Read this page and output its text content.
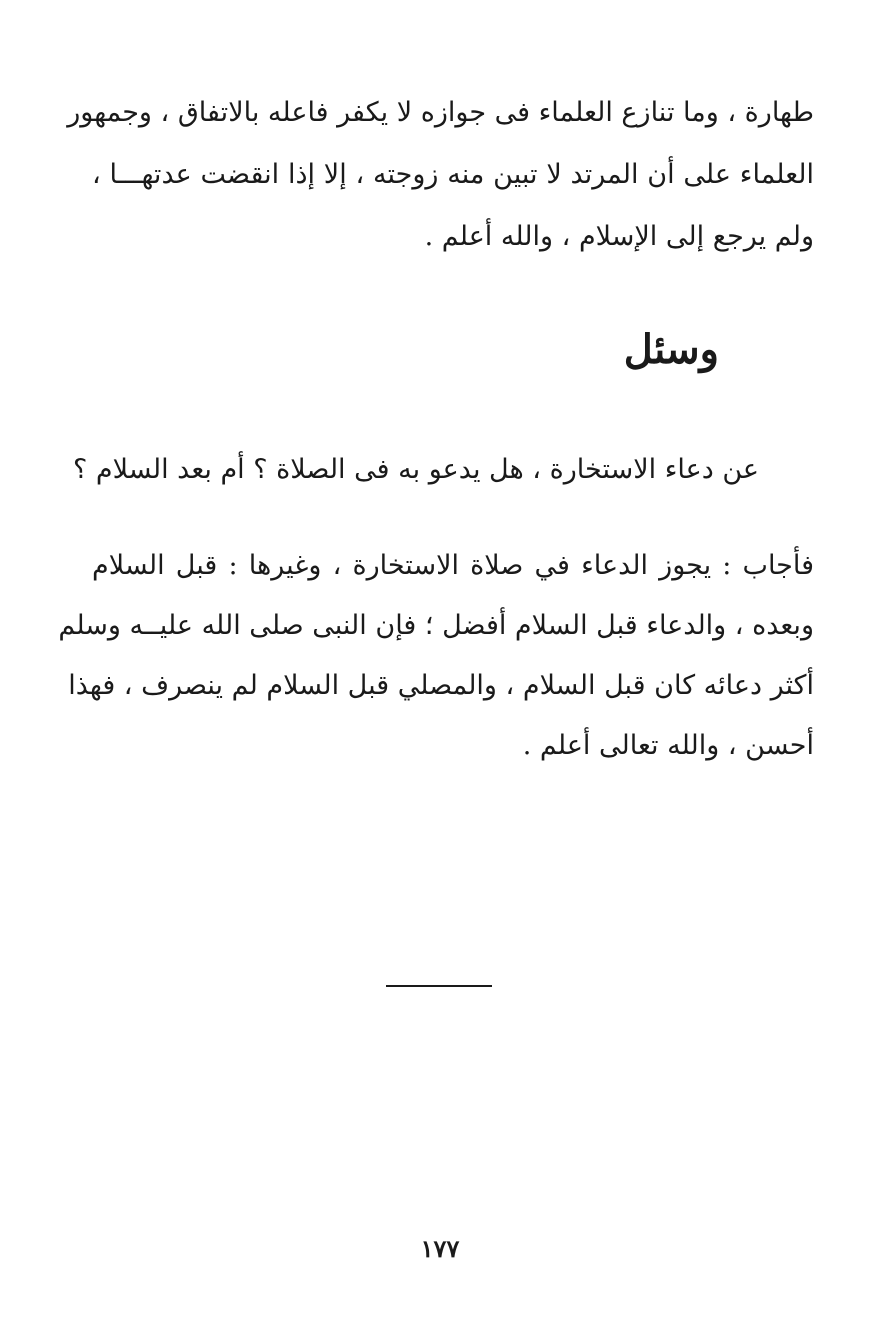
طهارة ، وما تنازع العلماء فى جوازه لا يكفر فاعله بالاتفاق ، وجمهور
العلماء على أن المرتد لا تبين منه زوجته ، إلا إذا انقضت عدتهـــا ،
ولم يرجع إلى الإسلام ، والله أعلم .

وسئل

عن دعاء الاستخارة ، هل يدعو به فى الصلاة ؟ أم بعد السلام ؟

فأجاب : يجوز الدعاء في صلاة الاستخارة ، وغيرها : قبل السلام
وبعده ، والدعاء قبل السلام أفضل ؛ فإن النبى صلى الله عليــه وسلم
أكثر دعائه كان قبل السلام ، والمصلي قبل السلام لم ينصرف ، فهذا
أحسن ، والله تعالى أعلم .

١٧٧
